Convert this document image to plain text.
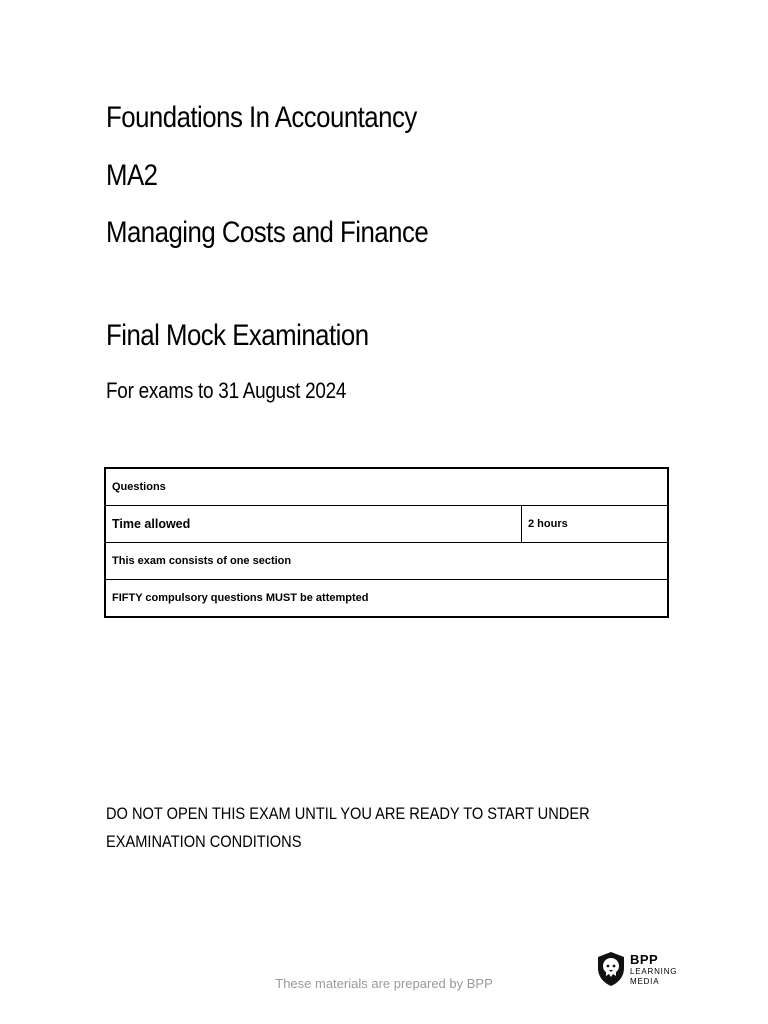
Foundations In Accountancy
MA2
Managing Costs and Finance
Final Mock Examination
For exams to 31 August 2024
Questions
Time allowed	2 hours
This exam consists of one section
FIFTY compulsory questions MUST be attempted
DO NOT OPEN THIS EXAM UNTIL YOU ARE READY TO START UNDER
EXAMINATION CONDITIONS
These materials are prepared by BPP
BPP
LEARNING
MEDIA
